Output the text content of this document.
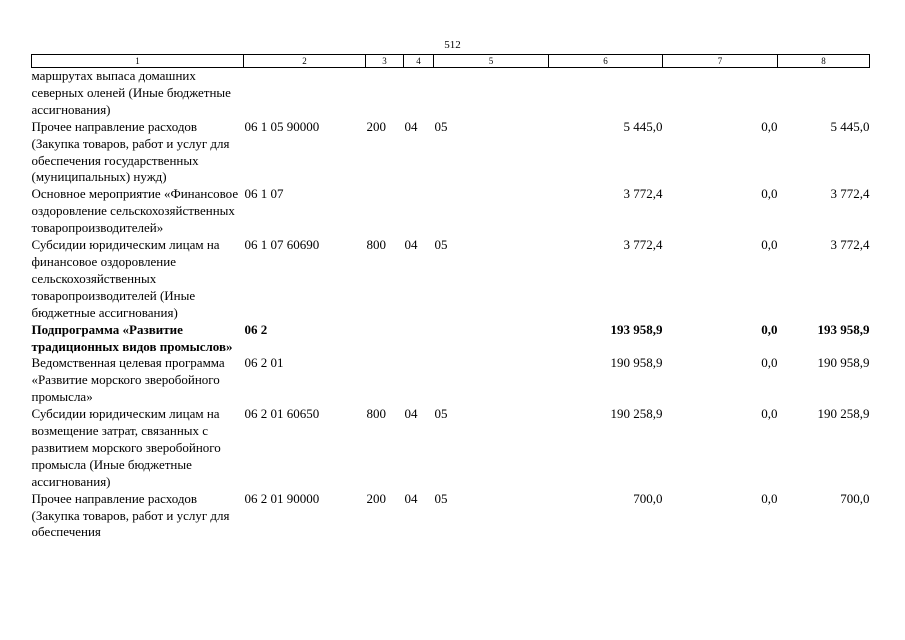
512
1	2	3	4	5	6	7	8
маршрутах выпаса домашних северных оленей (Иные бюджетные ассигнования)							
Прочее направление расходов (Закупка товаров, работ и услуг для обеспечения государственных (муниципальных) нужд)	06 1 05 90000	200	04	05	5 445,0	0,0	5 445,0
Основное мероприятие «Финансовое оздоровление сельскохозяйственных товаропроизводителей»	06 1 07				3 772,4	0,0	3 772,4
Субсидии юридическим лицам на финансовое оздоровление сельскохозяйственных товаропроизводителей (Иные бюджетные ассигнования)	06 1 07 60690	800	04	05	3 772,4	0,0	3 772,4
Подпрограмма «Развитие традиционных видов промыслов»	06 2				193 958,9	0,0	193 958,9
Ведомственная целевая программа «Развитие морского зверобойного промысла»	06 2 01				190 958,9	0,0	190 958,9
Субсидии юридическим лицам на возмещение затрат, связанных с развитием морского зверобойного промысла (Иные бюджетные ассигнования)	06 2 01 60650	800	04	05	190 258,9	0,0	190 258,9
Прочее направление расходов (Закупка товаров, работ и услуг для обеспечения	06 2 01 90000	200	04	05	700,0	0,0	700,0
